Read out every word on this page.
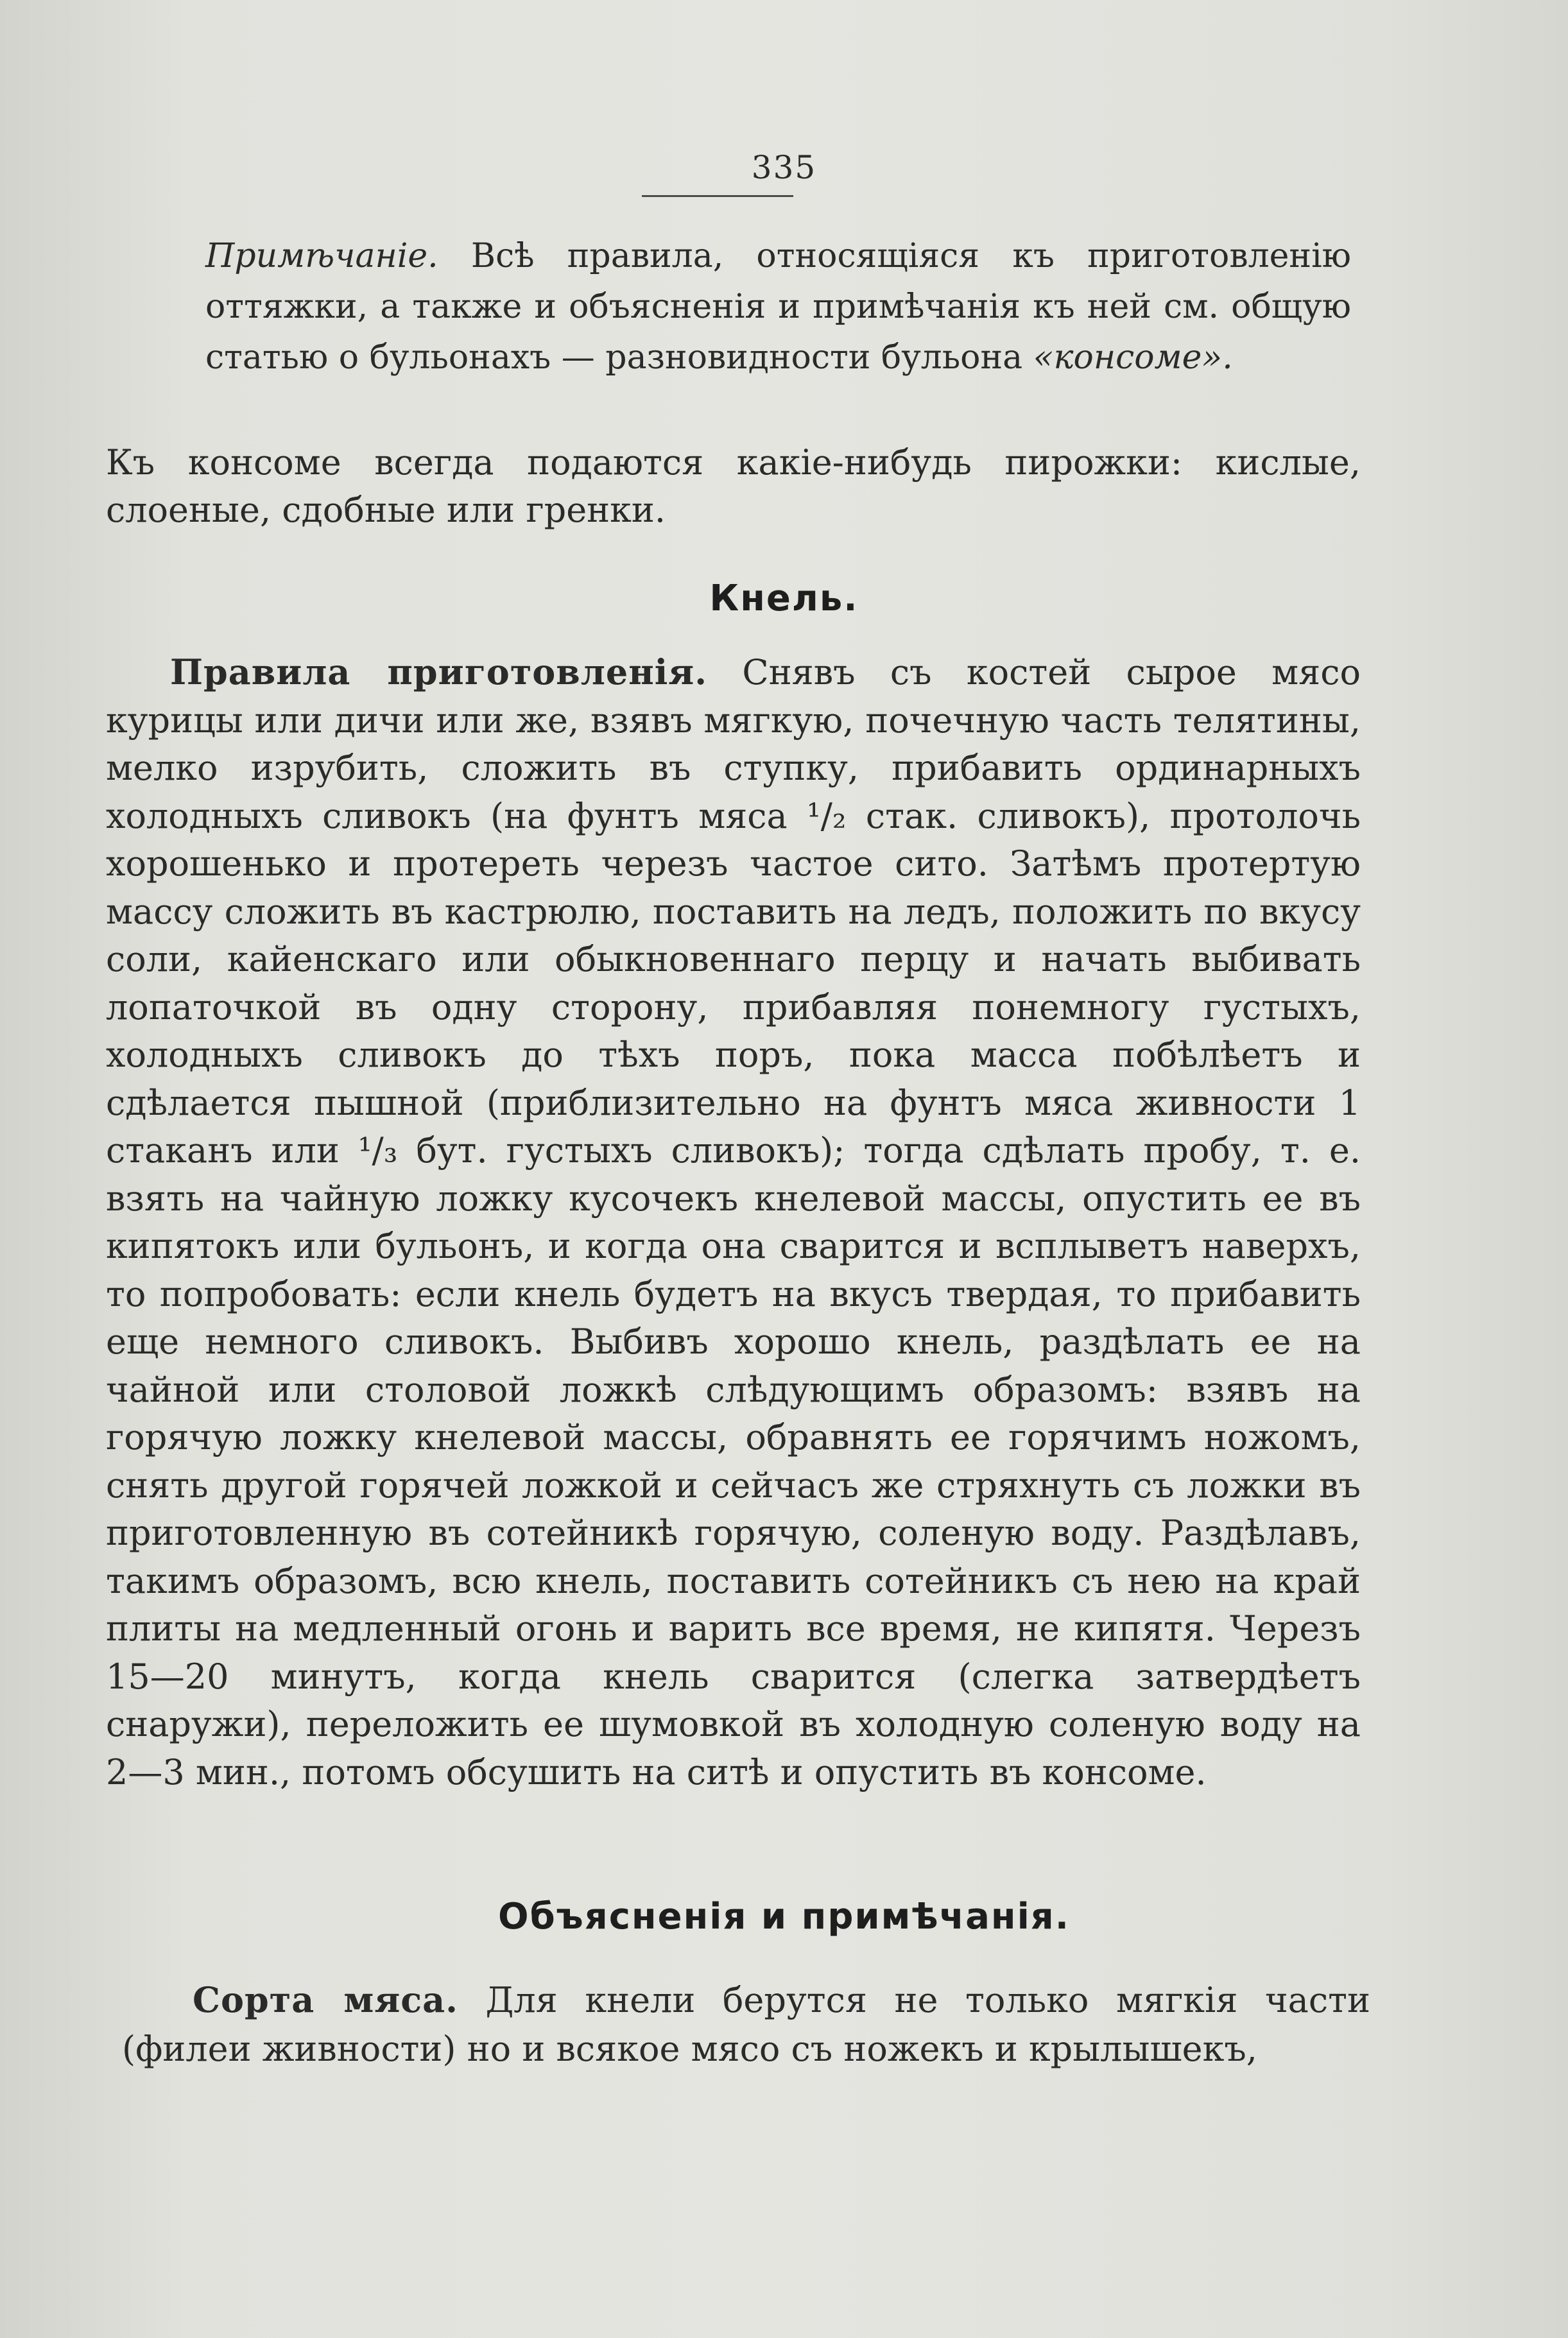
335

Примѣчаніе. Всѣ правила, относящіяся къ приготовленію оттяжки, а также и объясненія и примѣчанія къ ней см. общую статью о бульонахъ — разновидности бульона «консоме».

Къ консоме всегда подаются какіе-нибудь пирожки: кислые, слоеные, сдобные или гренки.

Кнель.

Правила приготовленія. Снявъ съ костей сырое мясо курицы или дичи или же, взявъ мягкую, почечную часть телятины, мелко изрубить, сложить въ ступку, прибавить ординарныхъ холодныхъ сливокъ (на фунтъ мяса ¹/₂ стак. сливокъ), протолочь хорошенько и протереть черезъ частое сито. Затѣмъ протертую массу сложить въ кастрюлю, поставить на ледъ, положить по вкусу соли, кайенскаго или обыкновеннаго перцу и начать выбивать лопаточкой въ одну сторону, прибавляя понемногу густыхъ, холодныхъ сливокъ до тѣхъ поръ, пока масса побѣлѣетъ и сдѣлается пышной (приблизительно на фунтъ мяса живности 1 стаканъ или ¹/₃ бут. густыхъ сливокъ); тогда сдѣлать пробу, т. е. взять на чайную ложку кусочекъ кнелевой массы, опустить ее въ кипятокъ или бульонъ, и когда она сварится и всплыветъ наверхъ, то попробовать: если кнель будетъ на вкусъ твердая, то прибавить еще немного сливокъ. Выбивъ хорошо кнель, раздѣлать ее на чайной или столовой ложкѣ слѣдующимъ образомъ: взявъ на горячую ложку кнелевой массы, обравнять ее горячимъ ножомъ, снять другой горячей ложкой и сейчасъ же стряхнуть съ ложки въ приготовленную въ сотейникѣ горячую, соленую воду. Раздѣлавъ, такимъ образомъ, всю кнель, поставить сотейникъ съ нею на край плиты на медленный огонь и варить все время, не кипятя. Черезъ 15—20 минутъ, когда кнель сварится (слегка затвердѣетъ снаружи), переложить ее шумовкой въ холодную соленую воду на 2—3 мин., потомъ обсушить на ситѣ и опустить въ консоме.

Объясненія и примѣчанія.

Сорта мяса. Для кнели берутся не только мягкія части (филеи живности) но и всякое мясо съ ножекъ и крылышекъ,
